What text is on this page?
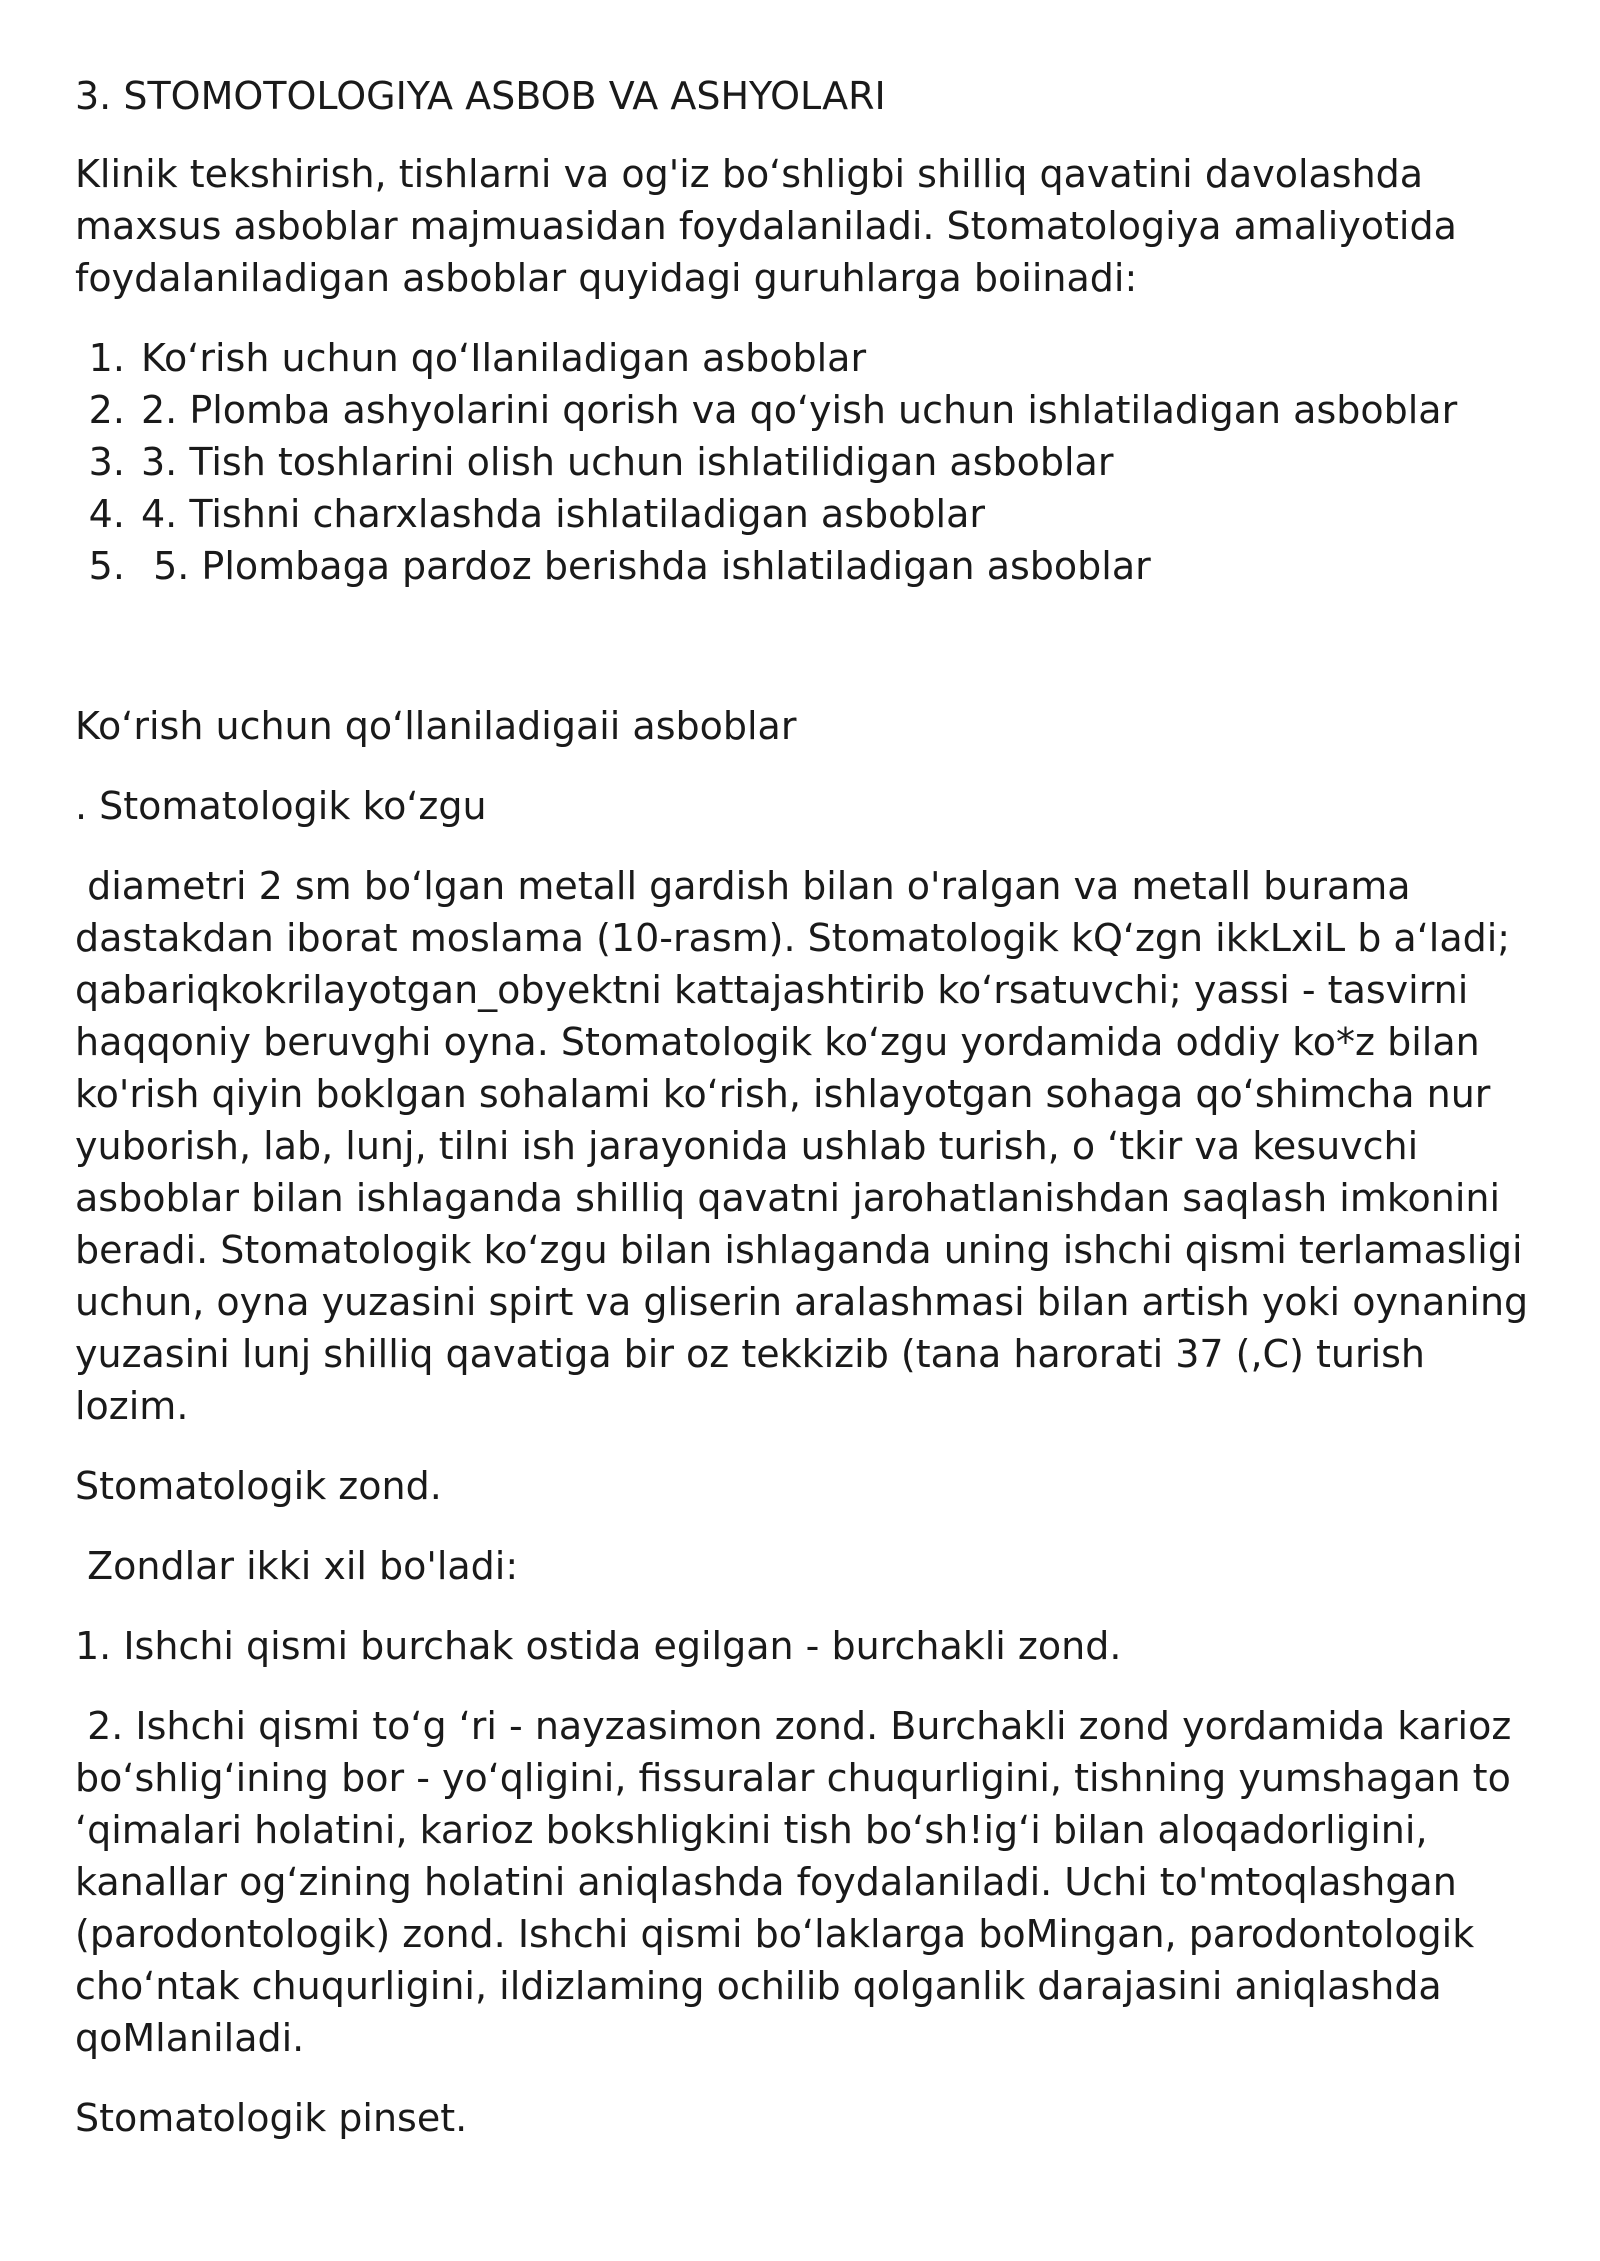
3. STOMOTOLOGIYA ASBOB VA ASHYOLARI

Klinik tekshirish, tishlarni va og'iz bo‘shligbi shilliq qavatini davolashda maxsus asboblar majmuasidan foydalaniladi. Stomatologiya amaliyotida foydalaniladigan asboblar quyidagi guruhlarga boiinadi:

1. Ko‘rish uchun qo‘Ilaniladigan asboblar
2. 2. Plomba ashyolarini qorish va qo‘yish uchun ishlatiladigan asboblar
3. 3. Tish toshlarini olish uchun ishlatilidigan asboblar
4. 4. Tishni charxlashda ishlatiladigan asboblar
5.  5. Plombaga pardoz berishda ishlatiladigan asboblar

Ko‘rish uchun qo‘llaniladigaii asboblar

. Stomatologik ko‘zgu

diametri 2 sm bo‘lgan metall gardish bilan o'ralgan va metall burama dastakdan iborat moslama (10-rasm). Stomatologik kQ‘zgn ikkLxiL b a‘ladi; qabariqkokrilayotgan_obyektni kattajashtirib ko‘rsatuvchi; yassi - tasvirni haqqoniy beruvghi oyna. Stomatologik ko‘zgu yordamida oddiy ko*z bilan ko'rish qiyin boklgan sohalami ko‘rish, ishlayotgan sohaga qo‘shimcha nur yuborish, lab, lunj, tilni ish jarayonida ushlab turish, o ‘tkir va kesuvchi asboblar bilan ishlaganda shilliq qavatni jarohatlanishdan saqlash imkonini beradi. Stomatologik ko‘zgu bilan ishlaganda uning ishchi qismi terlamasligi uchun, oyna yuzasini spirt va gliserin aralashmasi bilan artish yoki oynaning yuzasini lunj shilliq qavatiga bir oz tekkizib (tana harorati 37 (,C) turish lozim.

Stomatologik zond.

Zondlar ikki xil bo'ladi:

1. Ishchi qismi burchak ostida egilgan - burchakli zond.

2. Ishchi qismi to‘g ‘ri - nayzasimon zond. Burchakli zond yordamida karioz bo‘shlig‘ining bor - yo‘qligini, fissuralar chuqurligini, tishning yumshagan to ‘qimalari holatini, karioz bokshligkini tish bo‘sh!ig‘i bilan aloqadorligini, kanallar og‘zining holatini aniqlashda foydalaniladi. Uchi to'mtoqlashgan (parodontologik) zond. Ishchi qismi bo‘laklarga boMingan, parodontologik cho‘ntak chuqurligini, ildizlaming ochilib qolganlik darajasini aniqlashda qoMlaniladi.

Stomatologik pinset.
